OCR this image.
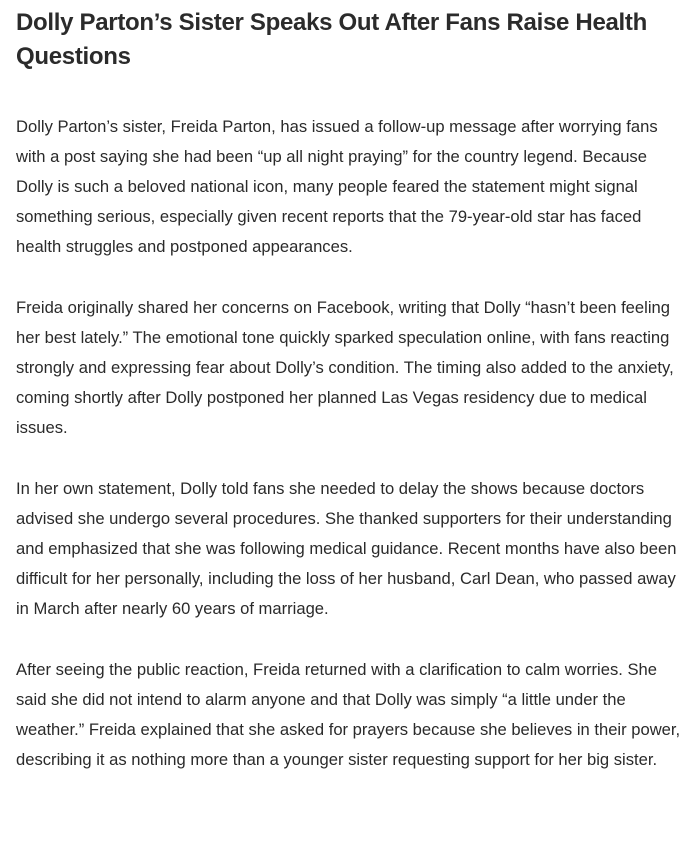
Dolly Parton’s Sister Speaks Out After Fans Raise Health Questions

Dolly Parton’s sister, Freida Parton, has issued a follow-up message after worrying fans with a post saying she had been “up all night praying” for the country legend. Because Dolly is such a beloved national icon, many people feared the statement might signal something serious, especially given recent reports that the 79-year-old star has faced health struggles and postponed appearances.

Freida originally shared her concerns on Facebook, writing that Dolly “hasn’t been feeling her best lately.” The emotional tone quickly sparked speculation online, with fans reacting strongly and expressing fear about Dolly’s condition. The timing also added to the anxiety, coming shortly after Dolly postponed her planned Las Vegas residency due to medical issues.

In her own statement, Dolly told fans she needed to delay the shows because doctors advised she undergo several procedures. She thanked supporters for their understanding and emphasized that she was following medical guidance. Recent months have also been difficult for her personally, including the loss of her husband, Carl Dean, who passed away in March after nearly 60 years of marriage.

After seeing the public reaction, Freida returned with a clarification to calm worries. She said she did not intend to alarm anyone and that Dolly was simply “a little under the weather.” Freida explained that she asked for prayers because she believes in their power, describing it as nothing more than a younger sister requesting support for her big sister.
